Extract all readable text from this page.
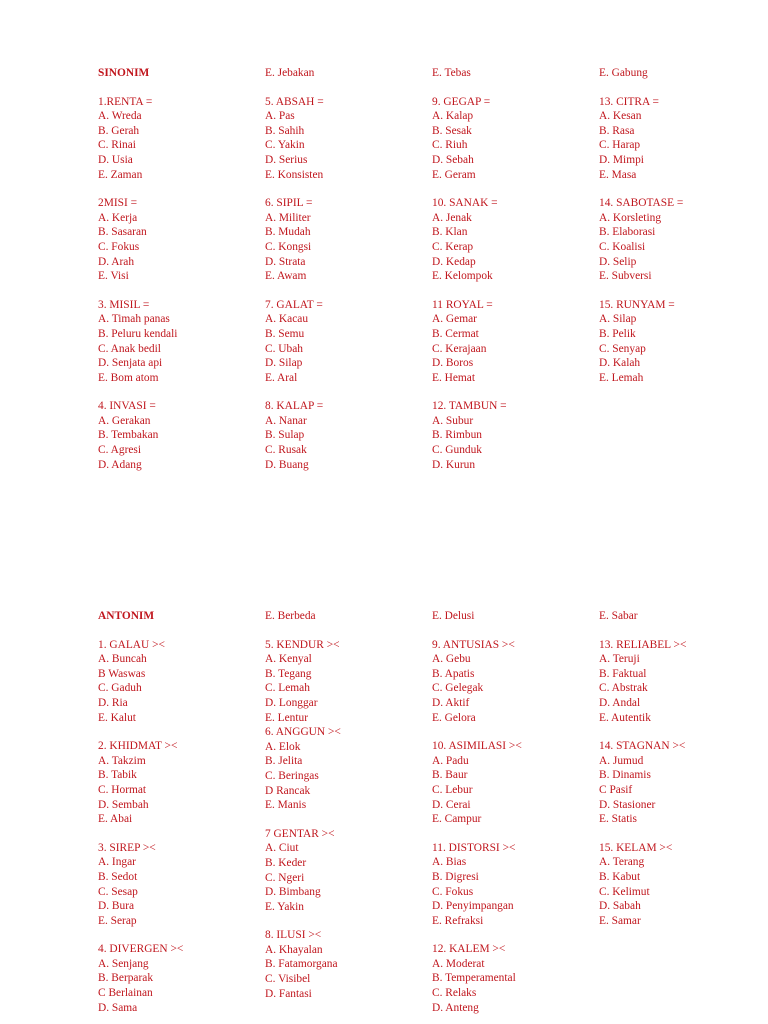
SINONIM
1.RENTA =
A. Wreda
B. Gerah
C. Rinai
D. Usia
E. Zaman
2MISI =
A. Kerja
B. Sasaran
C. Fokus
D. Arah
E. Visi
3. MISIL =
A. Timah panas
B. Peluru kendali
C. Anak bedil
D. Senjata api
E. Bom atom
4. INVASI =
A. Gerakan
B. Tembakan
C. Agresi
D. Adang
E. Jebakan
5. ABSAH =
A. Pas
B. Sahih
C. Yakin
D. Serius
E. Konsisten
6. SIPIL =
A. Militer
B. Mudah
C. Kongsi
D. Strata
E. Awam
7. GALAT =
A. Kacau
B. Semu
C. Ubah
D. Silap
E. Aral
8. KALAP =
A. Nanar
B. Sulap
C. Rusak
D. Buang
E. Tebas
9. GEGAP =
A. Kalap
B. Sesak
C. Riuh
D. Sebah
E. Geram
10. SANAK =
A. Jenak
B. Klan
C. Kerap
D. Kedap
E. Kelompok
11 ROYAL =
A. Gemar
B. Cermat
C. Kerajaan
D. Boros
E. Hemat
12. TAMBUN =
A. Subur
B. Rimbun
C. Gunduk
D. Kurun
E. Gabung
13. CITRA =
A. Kesan
B. Rasa
C. Harap
D. Mimpi
E. Masa
14. SABOTASE =
A. Korsleting
B. Elaborasi
C. Koalisi
D. Selip
E. Subversi
15. RUNYAM =
A. Silap
B. Pelik
C. Senyap
D. Kalah
E. Lemah
ANTONIM
1. GALAU ><
A. Buncah
B Waswas
C. Gaduh
D. Ria
E. Kalut
2. KHIDMAT ><
A. Takzim
B. Tabik
C. Hormat
D. Sembah
E. Abai
3. SIREP ><
A. Ingar
B. Sedot
C. Sesap
D. Bura
E. Serap
4. DIVERGEN ><
A. Senjang
B. Berparak
C Berlainan
D. Sama
E. Berbeda
5. KENDUR ><
A. Kenyal
B. Tegang
C. Lemah
D. Longgar
E. Lentur
6. ANGGUN ><
A. Elok
B. Jelita
C. Beringas
D Rancak
E. Manis
7 GENTAR ><
A. Ciut
B. Keder
C. Ngeri
D. Bimbang
E. Yakin
8. ILUSI ><
A. Khayalan
B. Fatamorgana
C. Visibel
D. Fantasi
E. Delusi
9. ANTUSIAS ><
A. Gebu
B. Apatis
C. Gelegak
D. Aktif
E. Gelora
10. ASIMILASI ><
A. Padu
B. Baur
C. Lebur
D. Cerai
E. Campur
11. DISTORSI ><
A. Bias
B. Digresi
C. Fokus
D. Penyimpangan
E. Refraksi
12. KALEM ><
A. Moderat
B. Temperamental
C. Relaks
D. Anteng
E. Sabar
13. RELIABEL ><
A. Teruji
B. Faktual
C. Abstrak
D. Andal
E. Autentik
14. STAGNAN ><
A. Jumud
B. Dinamis
C Pasif
D. Stasioner
E. Statis
15. KELAM ><
A. Terang
B. Kabut
C. Kelimut
D. Sabah
E. Samar
